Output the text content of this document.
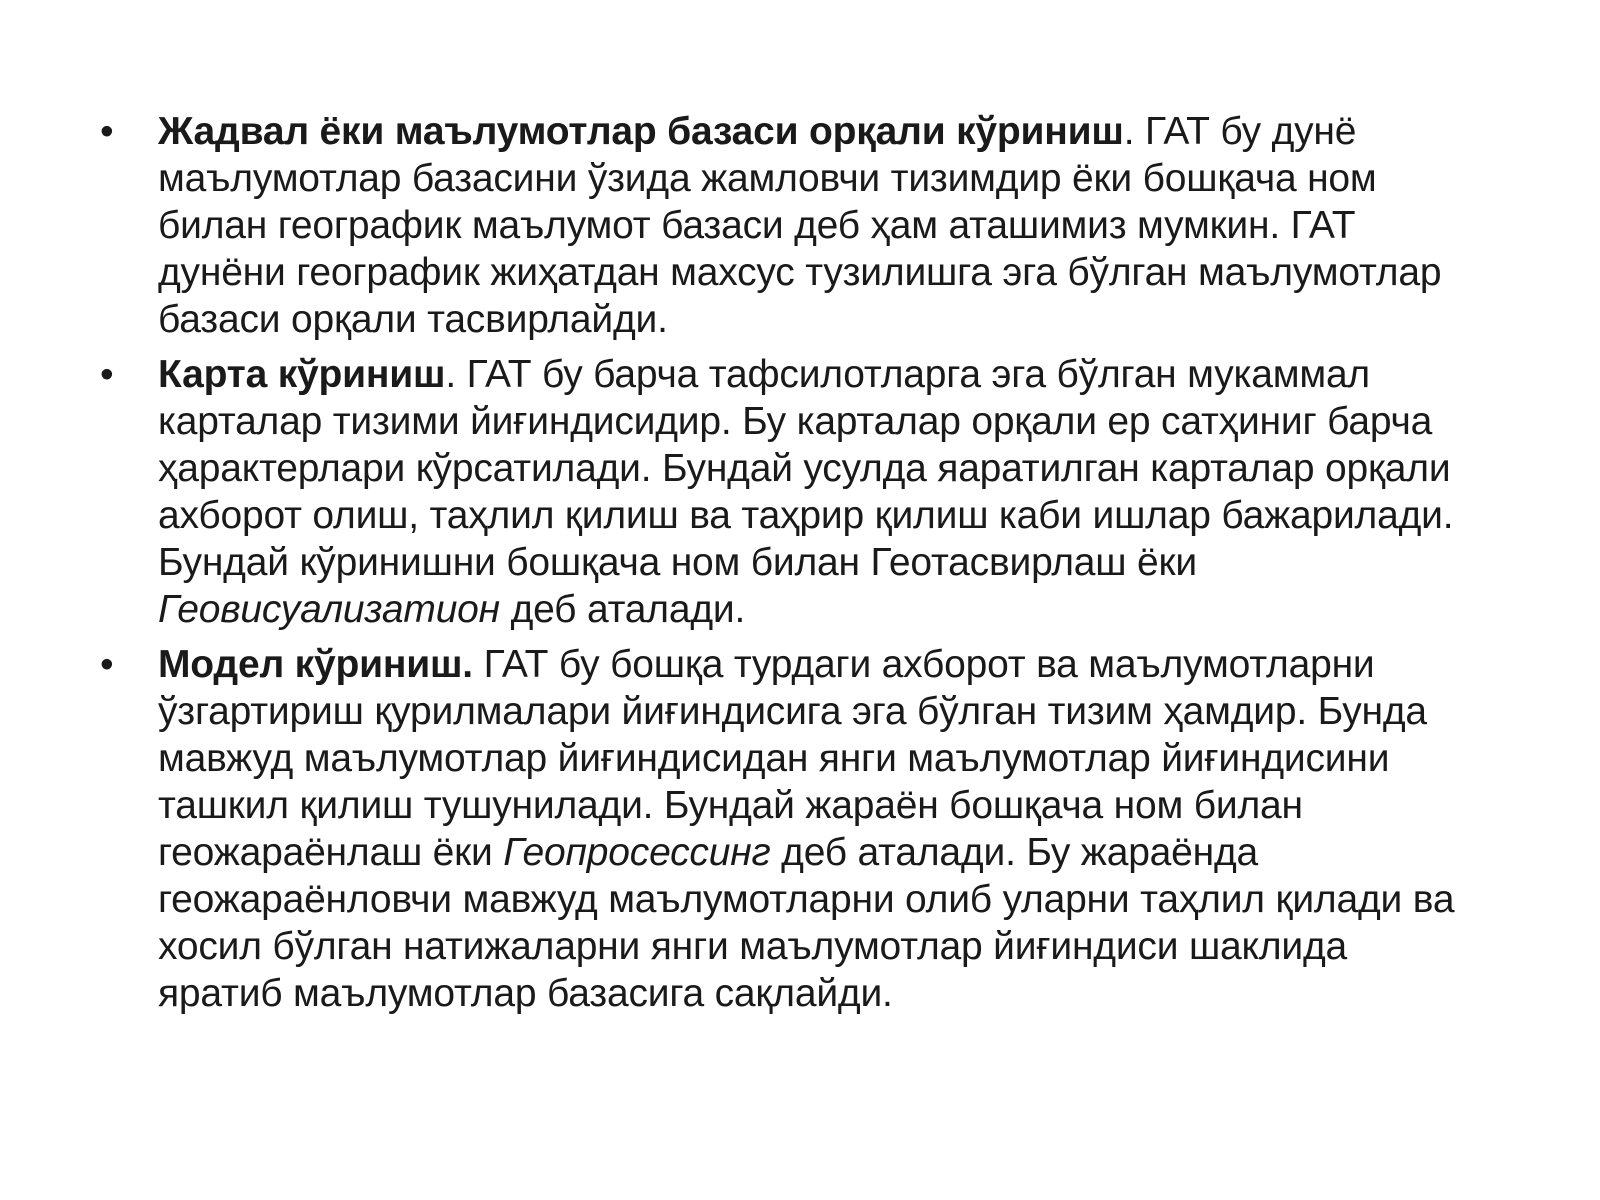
• Жадвал ёки маълумотлар базаси орқали кўриниш. ГАТ бу дунё маълумотлар базасини ўзида жамловчи тизимдир ёки бошқача ном билан географик маълумот базаси деб ҳам аташимиз мумкин. ГАТ дунёни географик жиҳатдан махсус тузилишга эга бўлган маълумотлар базаси орқали тасвирлайди.
• Карта кўриниш. ГАТ бу барча тафсилотларга эга бўлган мукаммал карталар тизими йиғиндисидир. Бу карталар орқали ер сатҳиниг барча ҳарактерлари кўрсатилади. Бундай усулда яаратилган карталар орқали ахборот олиш, таҳлил қилиш ва таҳрир қилиш каби ишлар бажарилади. Бундай кўринишни бошқача ном билан Геотасвирлаш ёки Геовисуализатион деб аталади.
• Модел кўриниш. ГАТ бу бошқа турдаги ахборот ва маълумотларни ўзгартириш қурилмалари йиғиндисига эга бўлган тизим ҳамдир. Бунда мавжуд маълумотлар йиғиндисидан янги маълумотлар йиғиндисини ташкил қилиш тушунилади. Бундай жараён бошқача ном билан геожараёнлаш ёки Геопросессинг деб аталади. Бу жараёнда геожараёнловчи мавжуд маълумотларни олиб уларни таҳлил қилади ва хосил бўлган натижаларни янги маълумотлар йиғиндиси шаклида яратиб маълумотлар базасига сақлайди.
